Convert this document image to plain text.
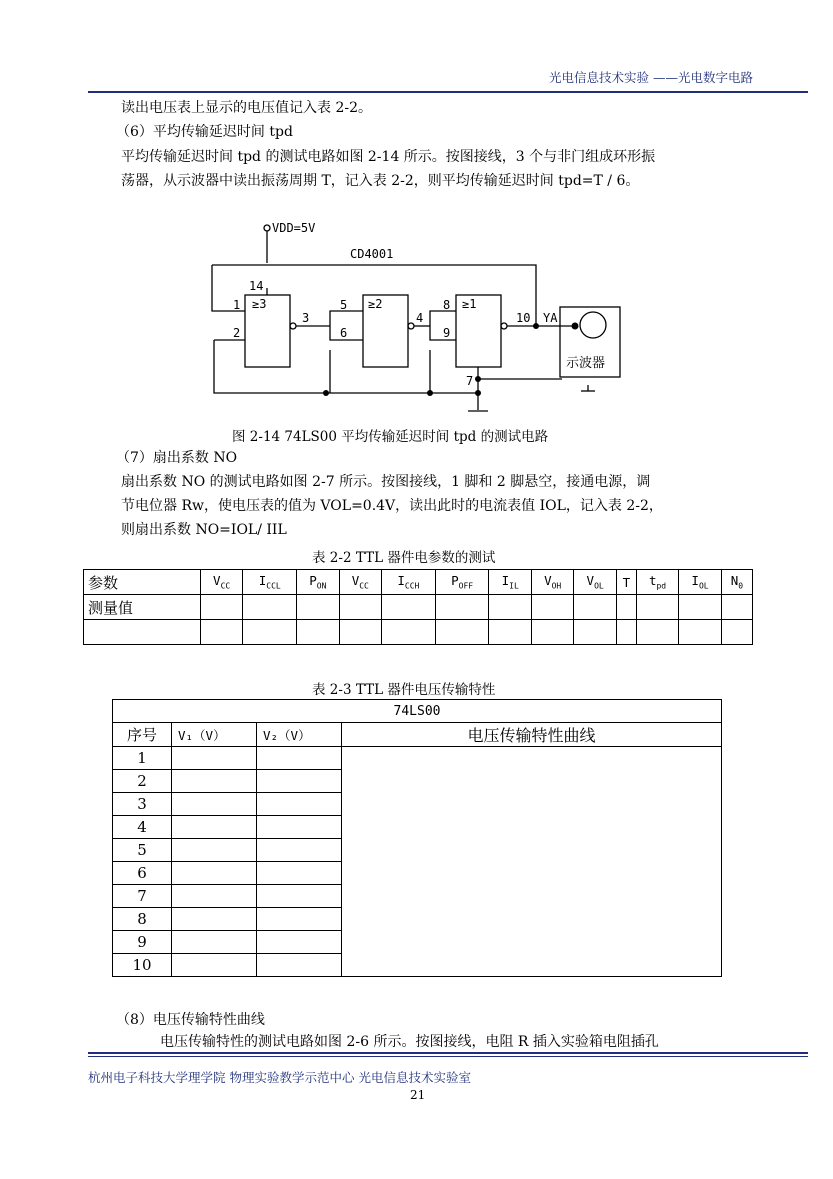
光电信息技术实验 ——光电数字电路
读出电压表上显示的电压值记入表 2-2。
（6）平均传输延迟时间 tpd
平均传输延迟时间 tpd 的测试电路如图 2-14 所示。按图接线，3 个与非门组成环形振
荡器，从示波器中读出振荡周期 T，记入表 2-2，则平均传输延迟时间 tpd=T / 6。
VDD=5V
CD4001
14
1
2
≥3
3
5
6
≥2
4
8
9
≥1
10 YA
7
示波器
图 2-14 74LS00 平均传输延迟时间 tpd 的测试电路
（7）扇出系数 NO
扇出系数 NO 的测试电路如图 2-7 所示。按图接线，1 脚和 2 脚悬空，接通电源，调
节电位器 Rw，使电压表的值为 VOL=0.4V，读出此时的电流表值 IOL，记入表 2-2，
则扇出系数 NO=IOL/ IIL
表 2-2 TTL 器件电参数的测试
参数	$V_{CC}$	$I_{CCL}$	$P_{ON}$	$V_{CC}$	$I_{CCH}$	$P_{OFF}$	$I_{IL}$	$V_{OH}$	$V_{OL}$	T	$t_{pd}$	$I_{OL}$	$N_0$
测量值													

表 2-3 TTL 器件电压传输特性
74LS00			
序号	V₁（V）	V₂（V）	电压传输特性曲线
1			
2			
3			
4			
5			
6			
7			
8			
9			
10			
（8）电压传输特性曲线
电压传输特性的测试电路如图 2-6 所示。按图接线，电阻 R 插入实验箱电阻插孔
杭州电子科技大学理学院 物理实验教学示范中心 光电信息技术实验室
21
